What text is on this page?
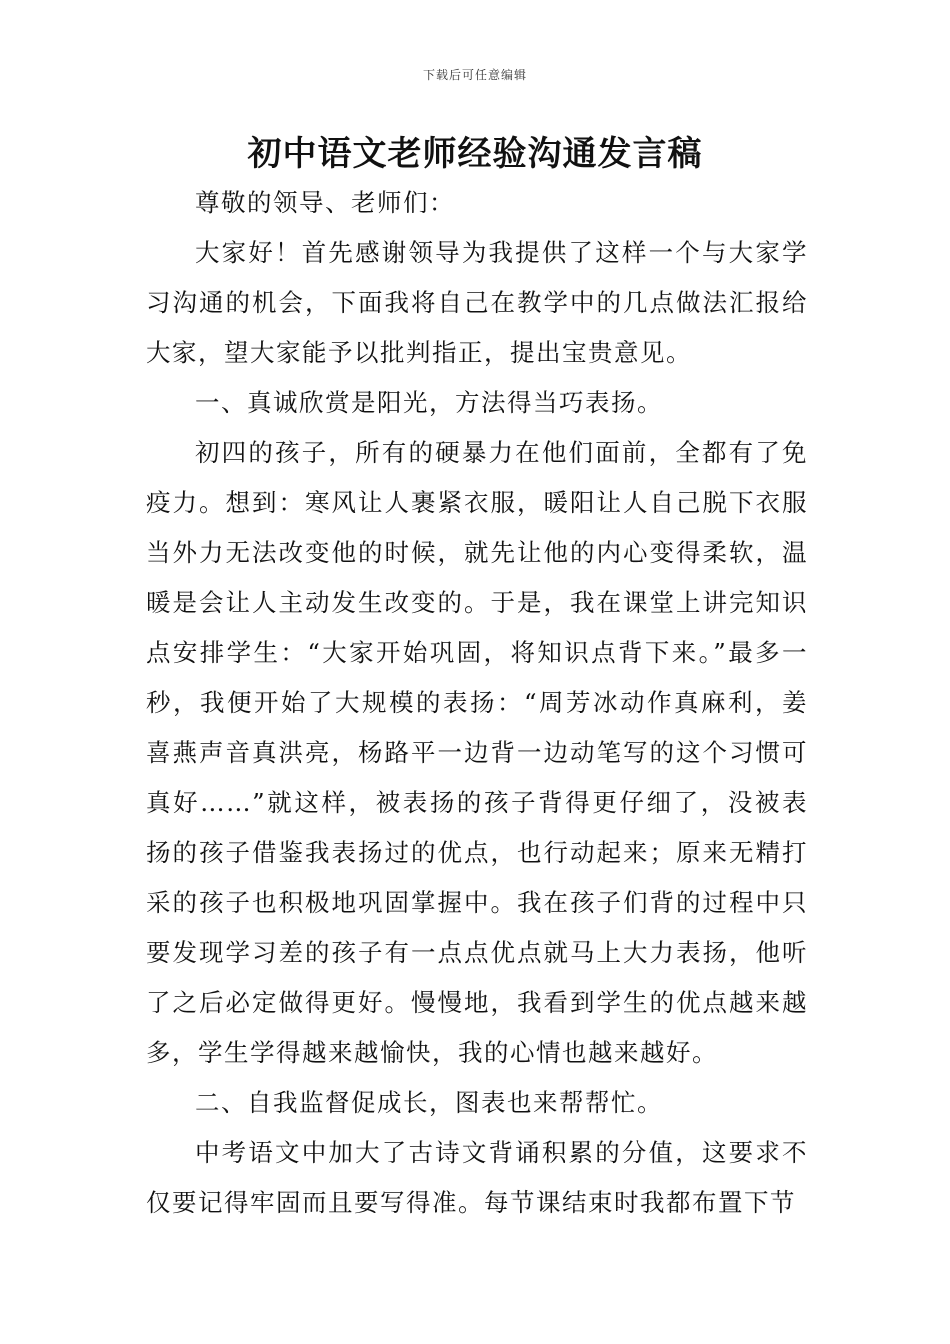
下载后可任意编辑
初中语文老师经验沟通发言稿

尊敬的领导、老师们：

大家好！首先感谢领导为我提供了这样一个与大家学习沟通的机会，下面我将自己在教学中的几点做法汇报给大家，望大家能予以批判指正，提出宝贵意见。

一、真诚欣赏是阳光，方法得当巧表扬。

初四的孩子，所有的硬暴力在他们面前，全都有了免疫力。想到：寒风让人裹紧衣服，暖阳让人自己脱下衣服当外力无法改变他的时候，就先让他的内心变得柔软，温暖是会让人主动发生改变的。于是，我在课堂上讲完知识点安排学生：“大家开始巩固，将知识点背下来。”最多一秒，我便开始了大规模的表扬：“周芳冰动作真麻利，姜喜燕声音真洪亮，杨路平一边背一边动笔写的这个习惯可真好……”就这样，被表扬的孩子背得更仔细了，没被表扬的孩子借鉴我表扬过的优点，也行动起来；原来无精打采的孩子也积极地巩固掌握中。我在孩子们背的过程中只要发现学习差的孩子有一点点优点就马上大力表扬，他听了之后必定做得更好。慢慢地，我看到学生的优点越来越多，学生学得越来越愉快，我的心情也越来越好。

二、自我监督促成长，图表也来帮帮忙。

中考语文中加大了古诗文背诵积累的分值，这要求不仅要记得牢固而且要写得准。每节课结束时我都布置下节
